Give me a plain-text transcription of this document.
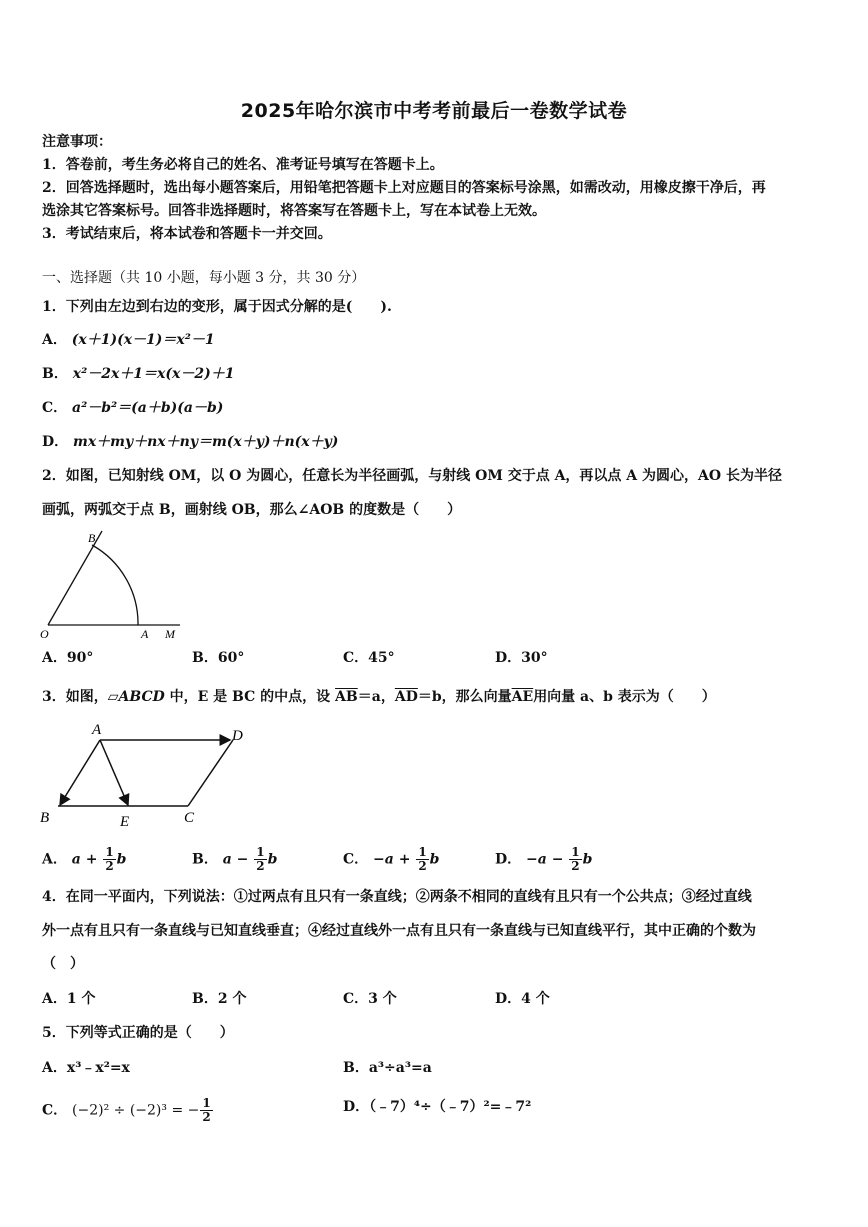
2025年哈尔滨市中考考前最后一卷数学试卷
注意事项：
1．答卷前，考生务必将自己的姓名、准考证号填写在答题卡上。
2．回答选择题时，选出每小题答案后，用铅笔把答题卡上对应题目的答案标号涂黑，如需改动，用橡皮擦干净后，再
选涂其它答案标号。回答非选择题时，将答案写在答题卡上，写在本试卷上无效。
3．考试结束后，将本试卷和答题卡一并交回。
一、选择题（共 10 小题，每小题 3 分，共 30 分）
1．下列由左边到右边的变形，属于因式分解的是(　　).
A． (x＋1)(x－1)＝x²－1
B． x²－2x＋1＝x(x－2)＋1
C． a²－b²＝(a＋b)(a－b)
D． mx＋my＋nx＋ny＝m(x＋y)＋n(x＋y)
2．如图，已知射线 OM，以 O 为圆心，任意长为半径画弧，与射线 OM 交于点 A，再以点 A 为圆心，AO 长为半径
画弧，两弧交于点 B，画射线 OB，那么∠AOB 的度数是（　　）
B
O	A M
A．90°	B．60°	C．45°	D．30°
3．如图，▱ABCD 中，E 是 BC 的中点，设 $\overline{AB}=a$，$\overline{AD}=b$，那么向量$\overline{AE}$用向量 a、b 表示为（　　）
A	D
B	E	C
A． $a + \frac{1}{2}$ b	B． $a - \frac{1}{2}$ b	C． $-a + \frac{1}{2}$ b	D． $-a - \frac{1}{2}$ b
4．在同一平面内，下列说法：①过两点有且只有一条直线；②两条不相同的直线有且只有一个公共点；③经过直线
外一点有且只有一条直线与已知直线垂直；④经过直线外一点有且只有一条直线与已知直线平行，其中正确的个数为
（　）
A．1 个	B．2 个	C．3 个	D．4 个
5．下列等式正确的是（　　）
A．x³﹣x²=x	B．a³÷a³=a
C． (−2)² ÷ (−2)³ = − $\frac{1}{2}$	D．（﹣7）⁴÷（﹣7）²=﹣7²
